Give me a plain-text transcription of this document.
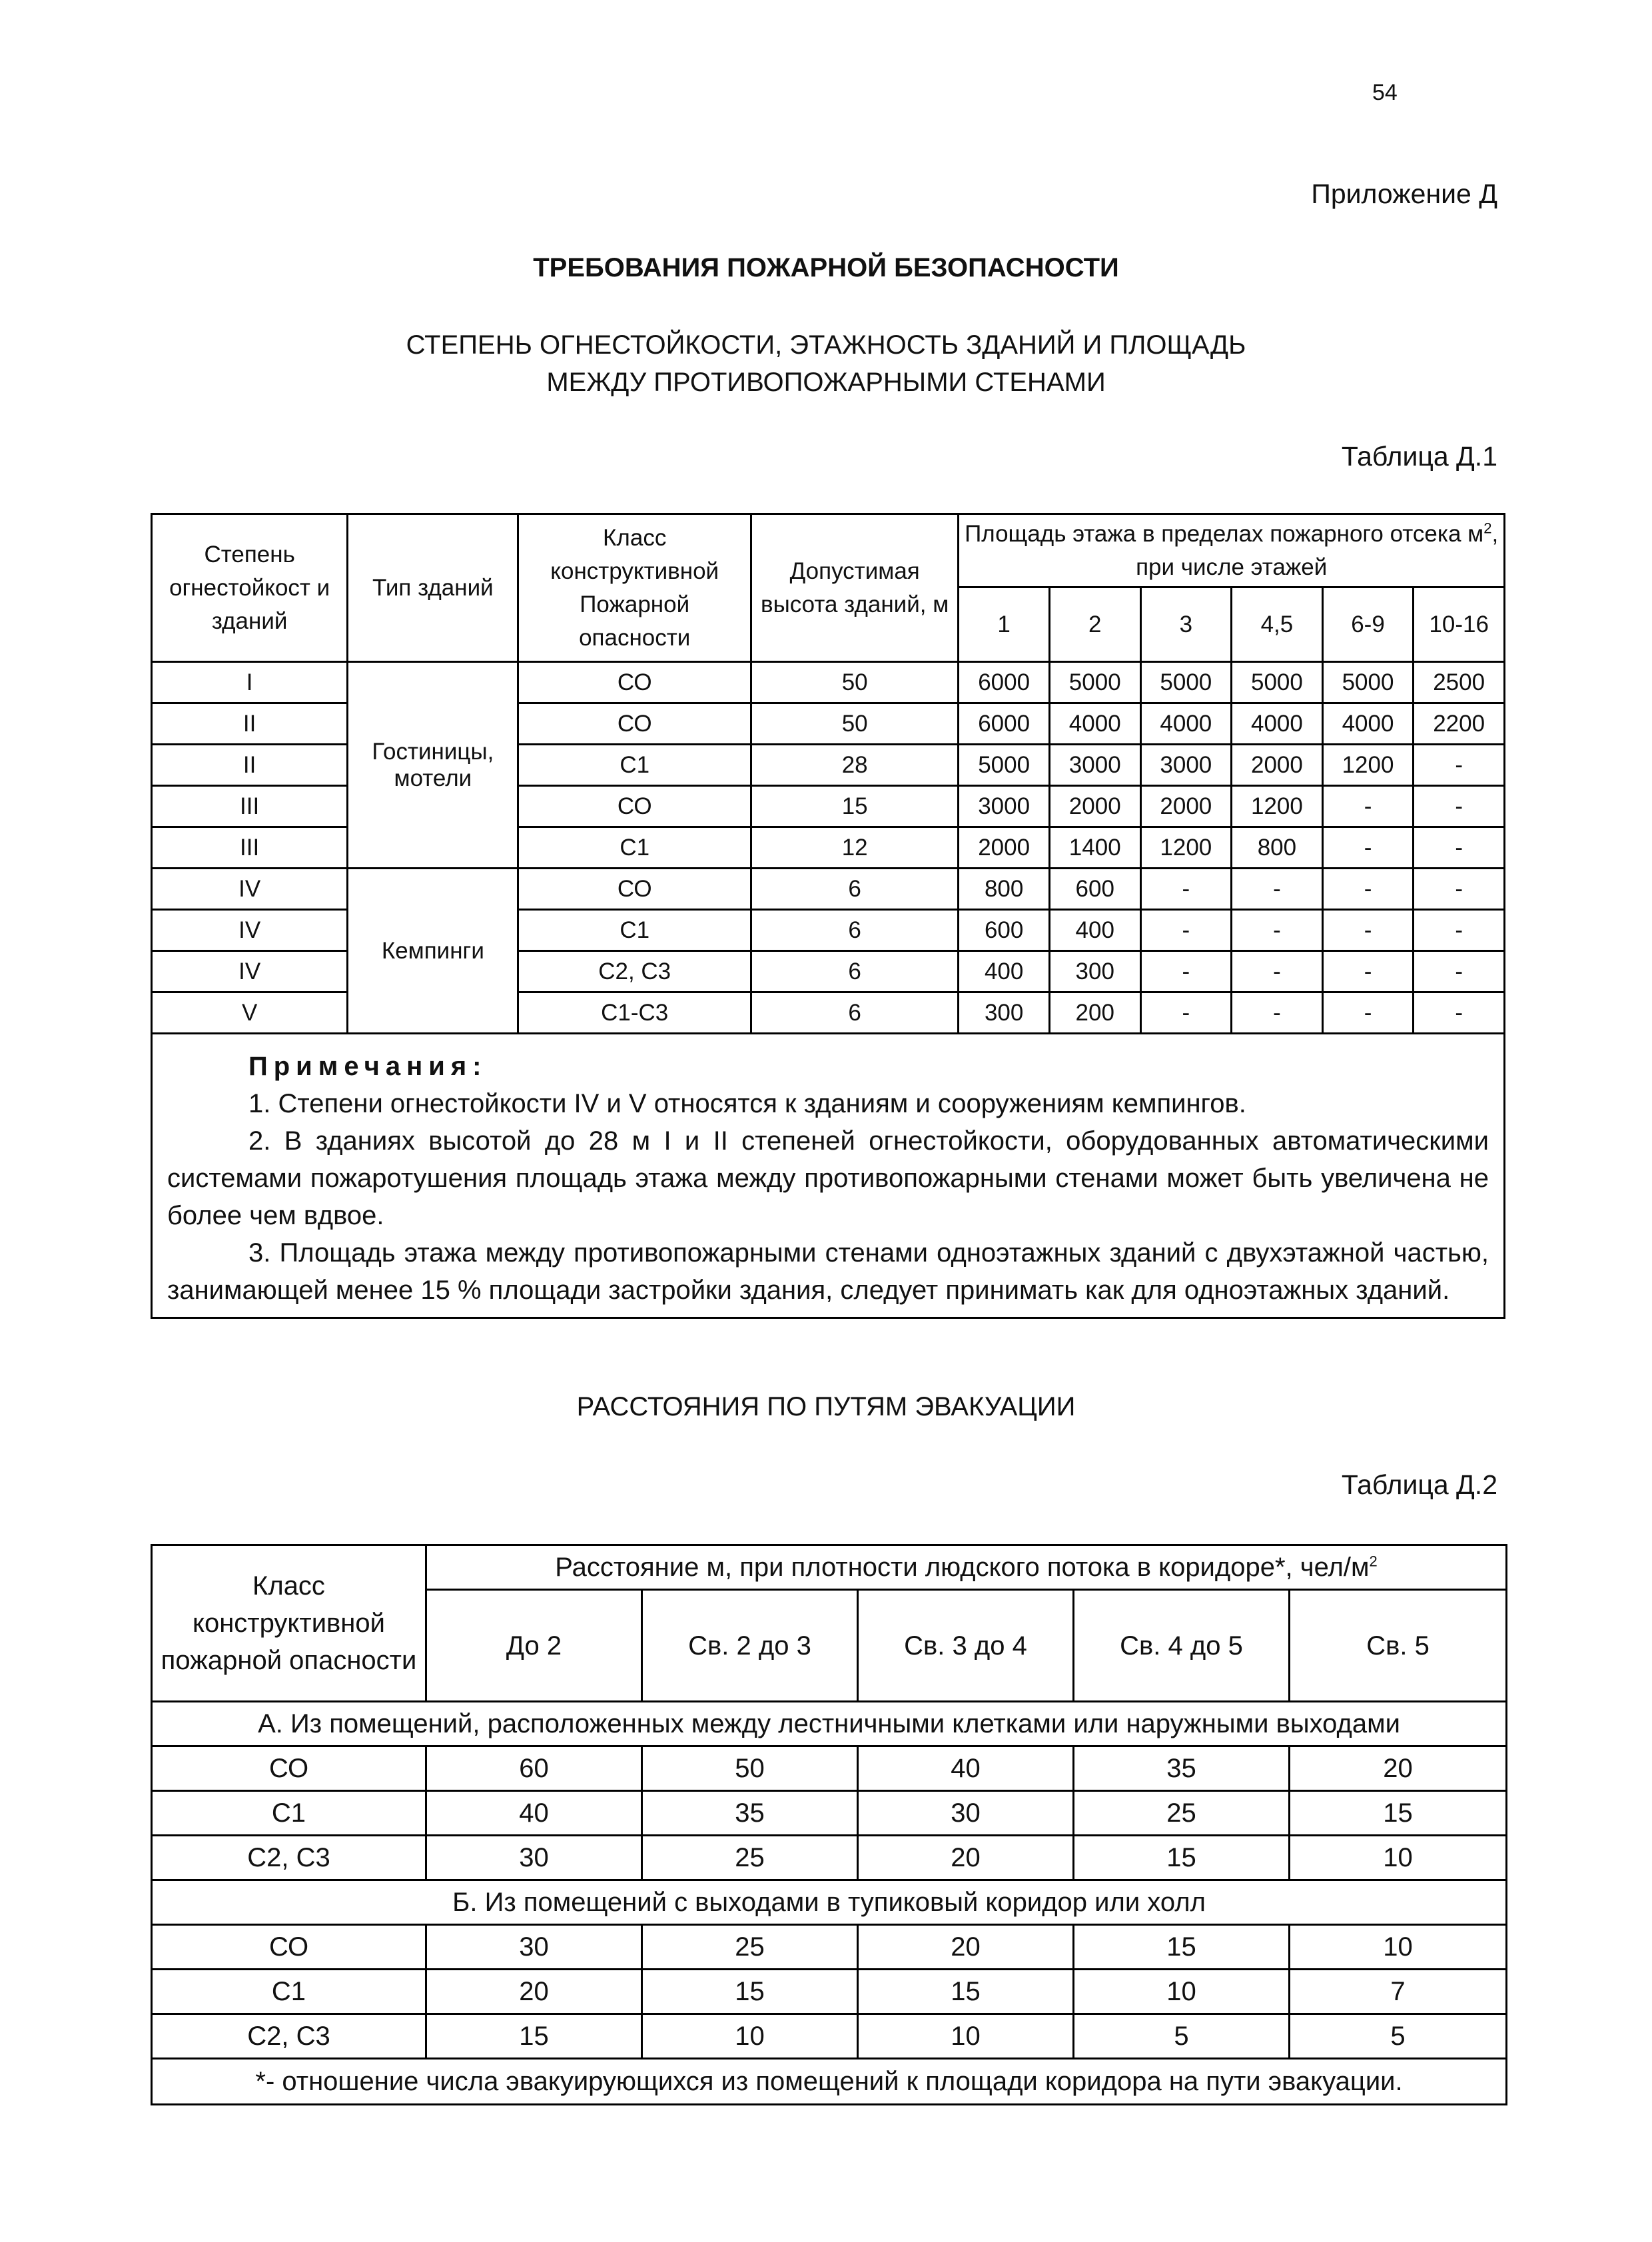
54
Приложение Д
ТРЕБОВАНИЯ ПОЖАРНОЙ БЕЗОПАСНОСТИ
СТЕПЕНЬ ОГНЕСТОЙКОСТИ, ЭТАЖНОСТЬ ЗДАНИЙ И ПЛОЩАДЬ
МЕЖДУ ПРОТИВОПОЖАРНЫМИ СТЕНАМИ
Таблица Д.1
Степень огнестойкост и зданий	Тип зданий	Класс конструктивной Пожарной опасности	Допустимая высота зданий, м	Площадь этажа в пределах пожарного отсека $м^2$, при числе этажей					
				1	2	3	4,5	6-9	10-16
I	Гостиницы, мотели	СО	50	6000	5000	5000	5000	5000	2500
II		СО	50	6000	4000	4000	4000	4000	2200
II		С1	28	5000	3000	3000	2000	1200	-
III		СО	15	3000	2000	2000	1200	-	-
III		С1	12	2000	1400	1200	800	-	-
IV	Кемпинги	СО	6	800	600	-	-	-	-
IV		С1	6	600	400	-	-	-	-
IV		С2, С3	6	400	300	-	-	-	-
V		С1-С3	6	300	200	-	-	-	-

Примечания:
1. Степени огнестойкости IV и V относятся к зданиям и сооружениям кемпингов.
2. В зданиях высотой до 28 м I и II степеней огнестойкости, оборудованных автоматическими системами пожаротушения площадь этажа между противопожарными стенами может быть увеличена не более чем вдвое.
3. Площадь этажа между противопожарными стенами одноэтажных зданий с двухэтажной частью, занимающей менее 15 % площади застройки здания, следует принимать как для одноэтажных зданий.									
РАССТОЯНИЯ ПО ПУТЯМ ЭВАКУАЦИИ
Таблица Д.2
Класс конструктивной пожарной опасности	Расстояние м, при плотности людского потока в коридоре*, чел/$м^2$
	До 2	Св. 2 до 3	Св. 3 до 4	Св. 4 до 5	Св. 5
А. Из помещений, расположенных между лестничными клетками или наружными выходами					
СО	60	50	40	35	20
С1	40	35	30	25	15
С2, С3	30	25	20	15	10
Б. Из помещений с выходами в тупиковый коридор или холл					
СО	30	25	20	15	10
С1	20	15	15	10	7
С2, С3	15	10	10	5	5
*- отношение числа эвакуирующихся из помещений к площади коридора на пути эвакуации.					
